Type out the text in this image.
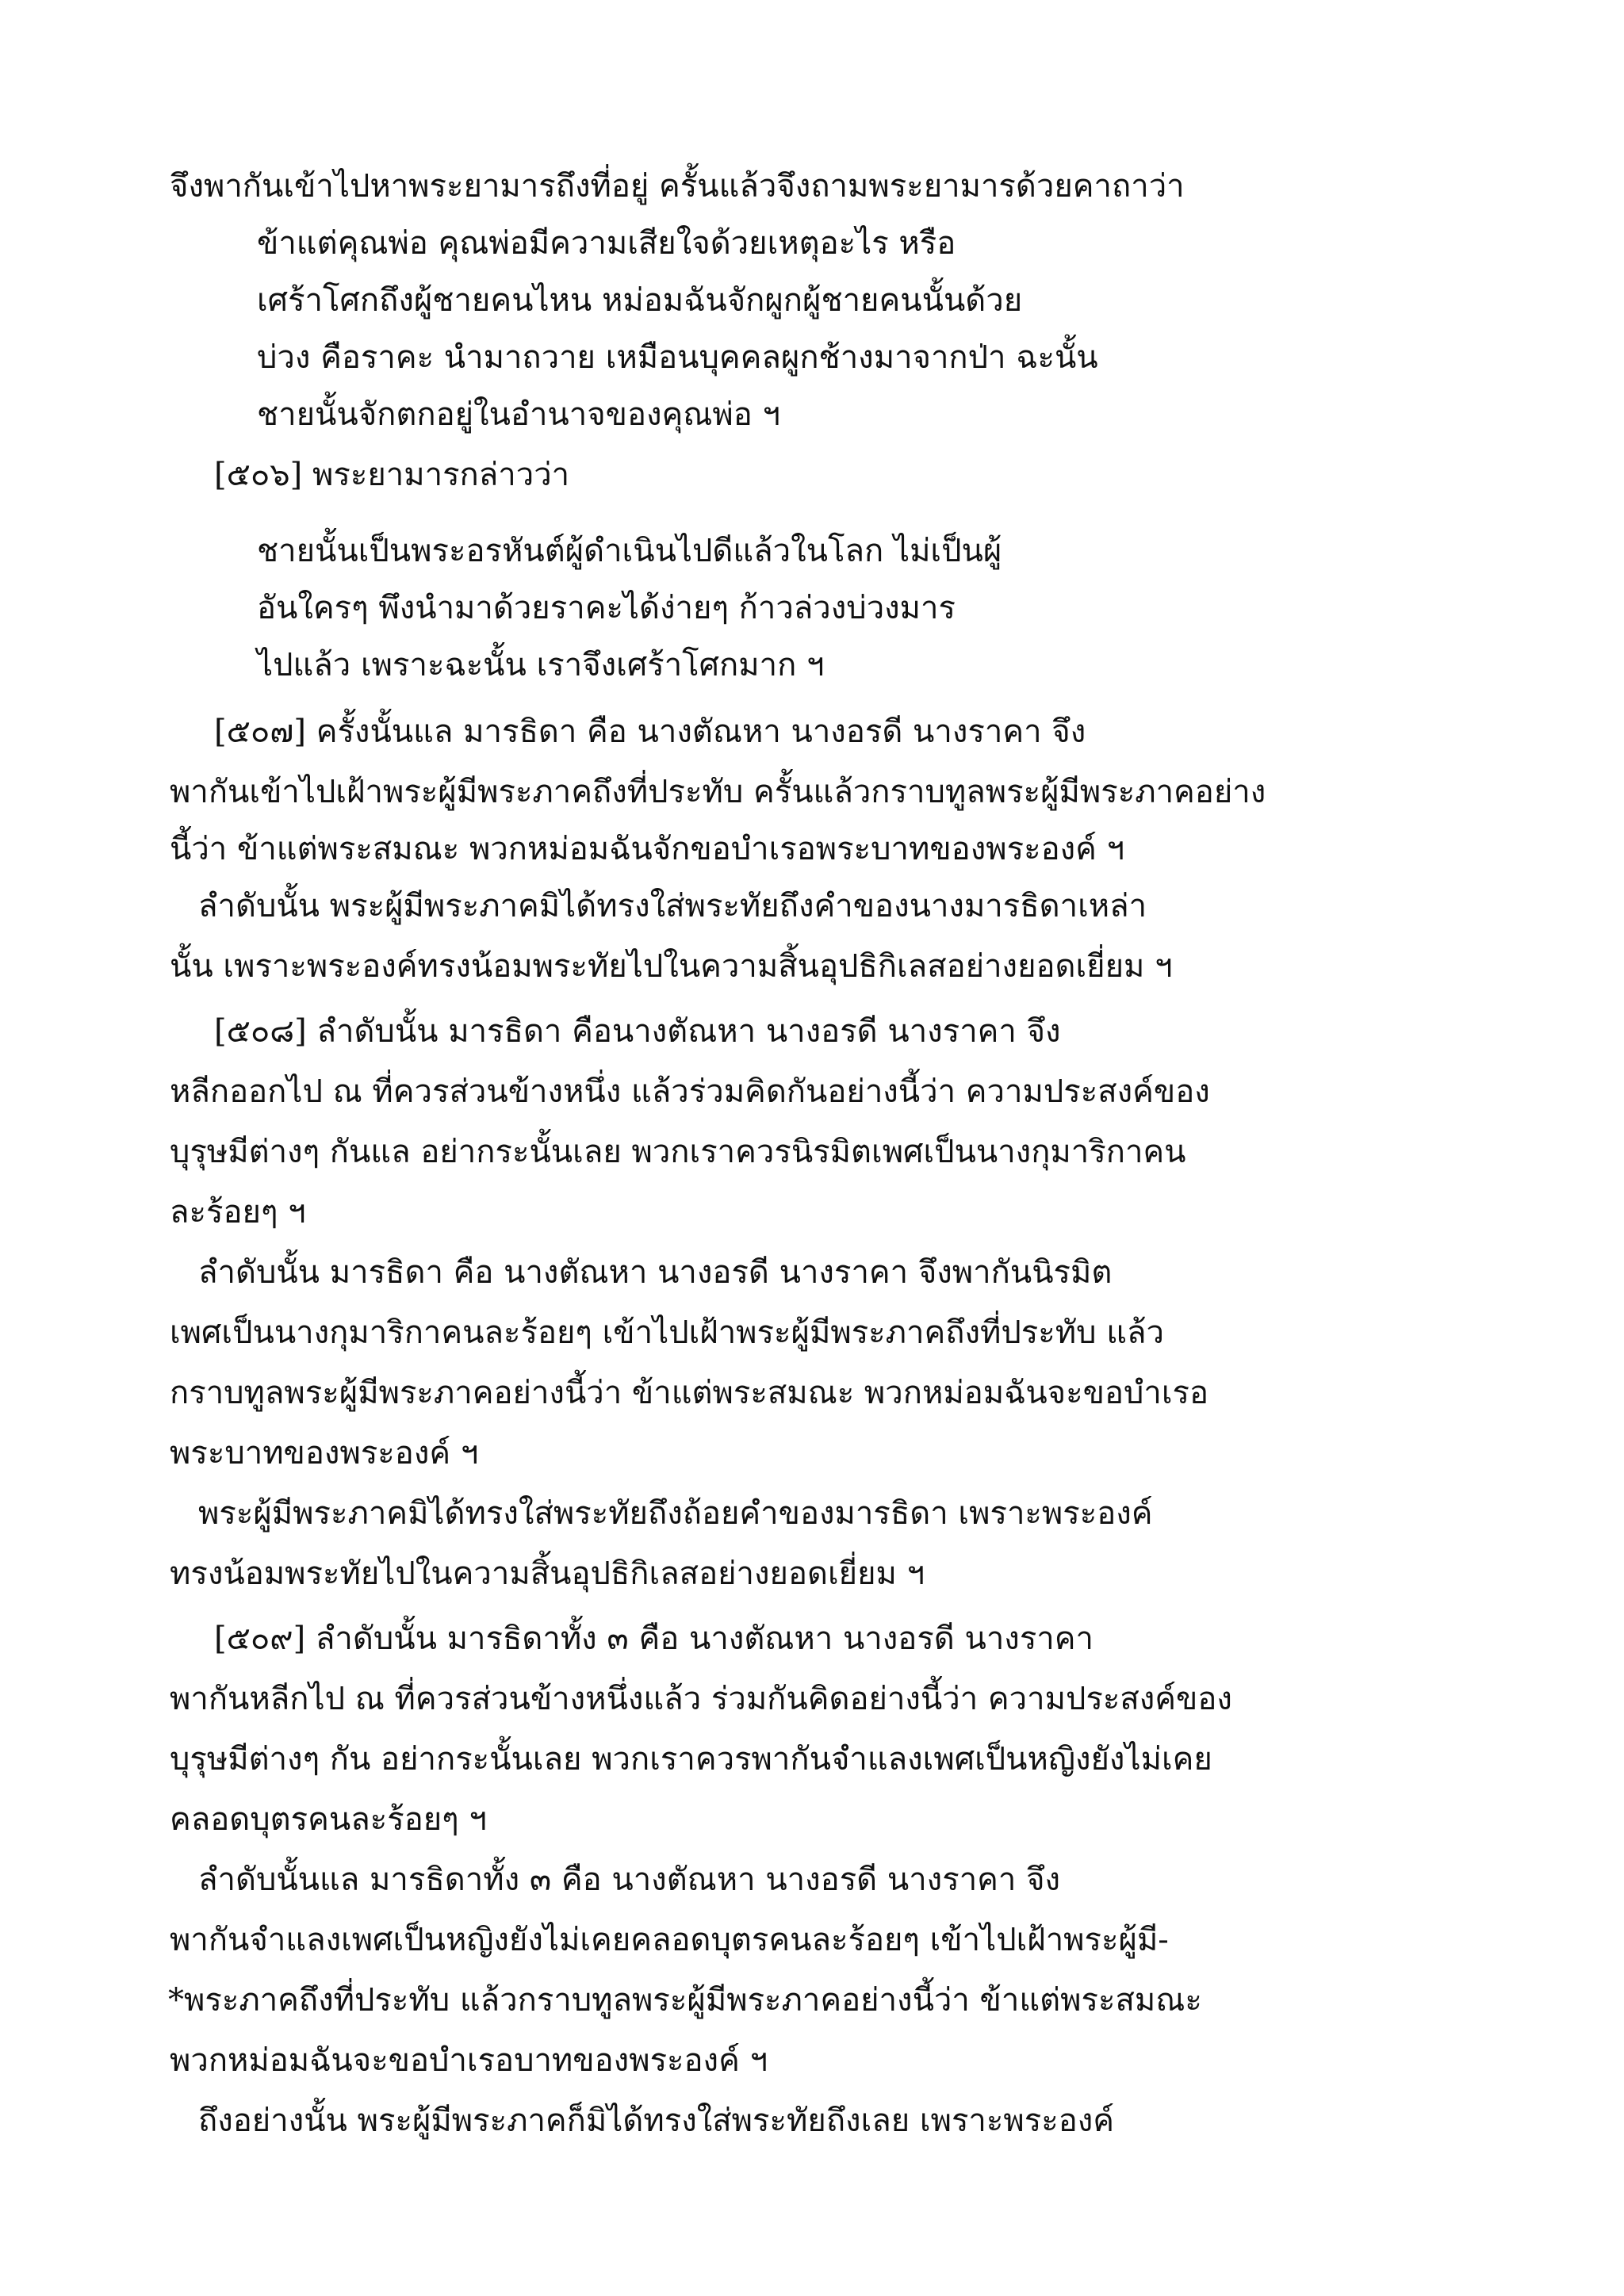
จึงพากันเข้าไปหาพระยามารถึงที่อยู่ ครั้นแล้วจึงถามพระยามารด้วยคาถาว่า
ข้าแต่คุณพ่อ คุณพ่อมีความเสียใจด้วยเหตุอะไร หรือ
เศร้าโศกถึงผู้ชายคนไหน หม่อมฉันจักผูกผู้ชายคนนั้นด้วย
บ่วง คือราคะ นำมาถวาย เหมือนบุคคลผูกช้างมาจากป่า ฉะนั้น
ชายนั้นจักตกอยู่ในอำนาจของคุณพ่อ ฯ
[๕๐๖] พระยามารกล่าวว่า
ชายนั้นเป็นพระอรหันต์ผู้ดำเนินไปดีแล้วในโลก ไม่เป็นผู้
อันใครๆ พึงนำมาด้วยราคะได้ง่ายๆ ก้าวล่วงบ่วงมาร
ไปแล้ว เพราะฉะนั้น เราจึงเศร้าโศกมาก ฯ
[๕๐๗] ครั้งนั้นแล มารธิดา คือ นางตัณหา นางอรดี นางราคา จึง
พากันเข้าไปเฝ้าพระผู้มีพระภาคถึงที่ประทับ ครั้นแล้วกราบทูลพระผู้มีพระภาคอย่าง
นี้ว่า ข้าแต่พระสมณะ พวกหม่อมฉันจักขอบำเรอพระบาทของพระองค์ ฯ
ลำดับนั้น พระผู้มีพระภาคมิได้ทรงใส่พระทัยถึงคำของนางมารธิดาเหล่า
นั้น เพราะพระองค์ทรงน้อมพระทัยไปในความสิ้นอุปธิกิเลสอย่างยอดเยี่ยม ฯ
[๕๐๘] ลำดับนั้น มารธิดา คือนางตัณหา นางอรดี นางราคา จึง
หลีกออกไป ณ ที่ควรส่วนข้างหนึ่ง แล้วร่วมคิดกันอย่างนี้ว่า ความประสงค์ของ
บุรุษมีต่างๆ กันแล อย่ากระนั้นเลย พวกเราควรนิรมิตเพศเป็นนางกุมาริกาคน
ละร้อยๆ ฯ
ลำดับนั้น มารธิดา คือ นางตัณหา นางอรดี นางราคา จึงพากันนิรมิต
เพศเป็นนางกุมาริกาคนละร้อยๆ เข้าไปเฝ้าพระผู้มีพระภาคถึงที่ประทับ แล้ว
กราบทูลพระผู้มีพระภาคอย่างนี้ว่า ข้าแต่พระสมณะ พวกหม่อมฉันจะขอบำเรอ
พระบาทของพระองค์ ฯ
พระผู้มีพระภาคมิได้ทรงใส่พระทัยถึงถ้อยคำของมารธิดา เพราะพระองค์
ทรงน้อมพระทัยไปในความสิ้นอุปธิกิเลสอย่างยอดเยี่ยม ฯ
[๕๐๙] ลำดับนั้น มารธิดาทั้ง ๓ คือ นางตัณหา นางอรดี นางราคา
พากันหลีกไป ณ ที่ควรส่วนข้างหนึ่งแล้ว ร่วมกันคิดอย่างนี้ว่า ความประสงค์ของ
บุรุษมีต่างๆ กัน อย่ากระนั้นเลย พวกเราควรพากันจำแลงเพศเป็นหญิงยังไม่เคย
คลอดบุตรคนละร้อยๆ ฯ
ลำดับนั้นแล มารธิดาทั้ง ๓ คือ นางตัณหา นางอรดี นางราคา จึง
พากันจำแลงเพศเป็นหญิงยังไม่เคยคลอดบุตรคนละร้อยๆ เข้าไปเฝ้าพระผู้มี-
*พระภาคถึงที่ประทับ แล้วกราบทูลพระผู้มีพระภาคอย่างนี้ว่า ข้าแต่พระสมณะ
พวกหม่อมฉันจะขอบำเรอบาทของพระองค์ ฯ
ถึงอย่างนั้น พระผู้มีพระภาคก็มิได้ทรงใส่พระทัยถึงเลย เพราะพระองค์
